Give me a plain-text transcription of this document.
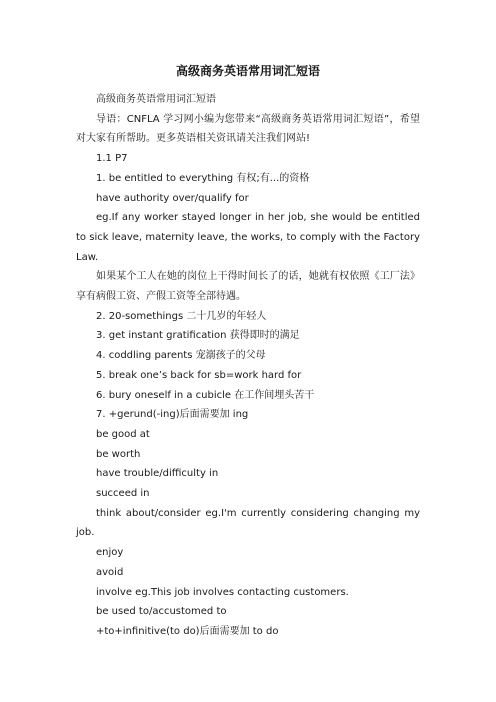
高级商务英语常用词汇短语

高级商务英语常用词汇短语

导语：CNFLA 学习网小编为您带来“高级商务英语常用词汇短语”，希望对大家有所帮助。更多英语相关资讯请关注我们网站!

1.1 P7

1. be entitled to everything 有权;有...的资格

have authority over/qualify for

eg.If any worker stayed longer in her job, she would be entitled to sick leave, maternity leave, the works, to comply with the Factory Law.

如果某个工人在她的岗位上干得时间长了的话，她就有权依照《工厂法》享有病假工资、产假工资等全部待遇。

2. 20-somethings 二十几岁的年轻人

3. get instant gratification 获得即时的满足

4. coddling parents 宠溺孩子的父母

5. break one’s back for sb=work hard for

6. bury oneself in a cubicle 在工作间埋头苦干

7. +gerund(-ing)后面需要加 ing

be good at

be worth

have trouble/difficulty in

succeed in

think about/consider eg.I'm currently considering changing my job.

enjoy

avoid

involve eg.This job involves contacting customers.

be used to/accustomed to

+to+infinitive(to do)后面需要加 to do
